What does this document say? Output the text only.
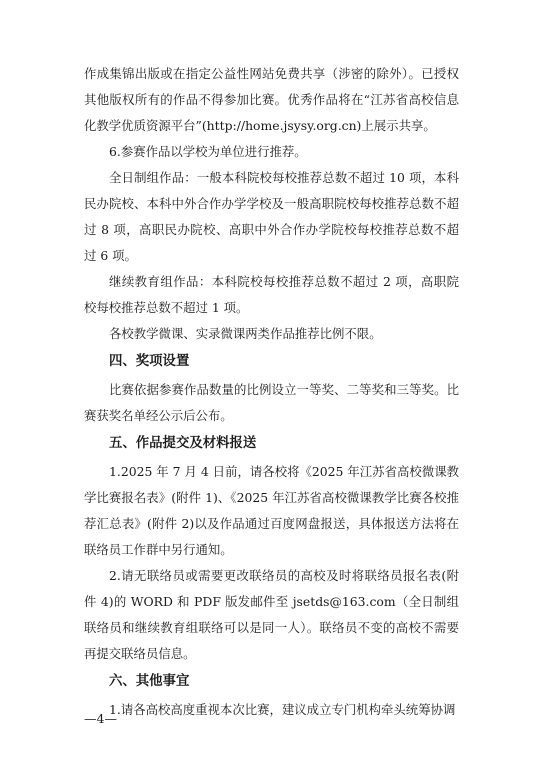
作成集锦出版或在指定公益性网站免费共享（涉密的除外）。已授权其他版权所有的作品不得参加比赛。优秀作品将在“江苏省高校信息化教学优质资源平台”(http://home.jsysy.org.cn)上展示共享。

6.参赛作品以学校为单位进行推荐。

全日制组作品：一般本科院校每校推荐总数不超过 10 项，本科民办院校、本科中外合作办学学校及一般高职院校每校推荐总数不超过 8 项，高职民办院校、高职中外合作办学院校每校推荐总数不超过 6 项。

继续教育组作品：本科院校每校推荐总数不超过 2 项，高职院校每校推荐总数不超过 1 项。

各校教学微课、实录微课两类作品推荐比例不限。

四、奖项设置

比赛依据参赛作品数量的比例设立一等奖、二等奖和三等奖。比赛获奖名单经公示后公布。

五、作品提交及材料报送

1.2025 年 7 月 4 日前，请各校将《2025 年江苏省高校微课教学比赛报名表》(附件 1)、《2025 年江苏省高校微课教学比赛各校推荐汇总表》(附件 2)以及作品通过百度网盘报送，具体报送方法将在联络员工作群中另行通知。

2.请无联络员或需要更改联络员的高校及时将联络员报名表(附件 4)的 WORD 和 PDF 版发邮件至 jsetds@163.com（全日制组联络员和继续教育组联络可以是同一人）。联络员不变的高校不需要再提交联络员信息。

六、其他事宜

1.请各高校高度重视本次比赛，建议成立专门机构牵头统筹协调

—4—
